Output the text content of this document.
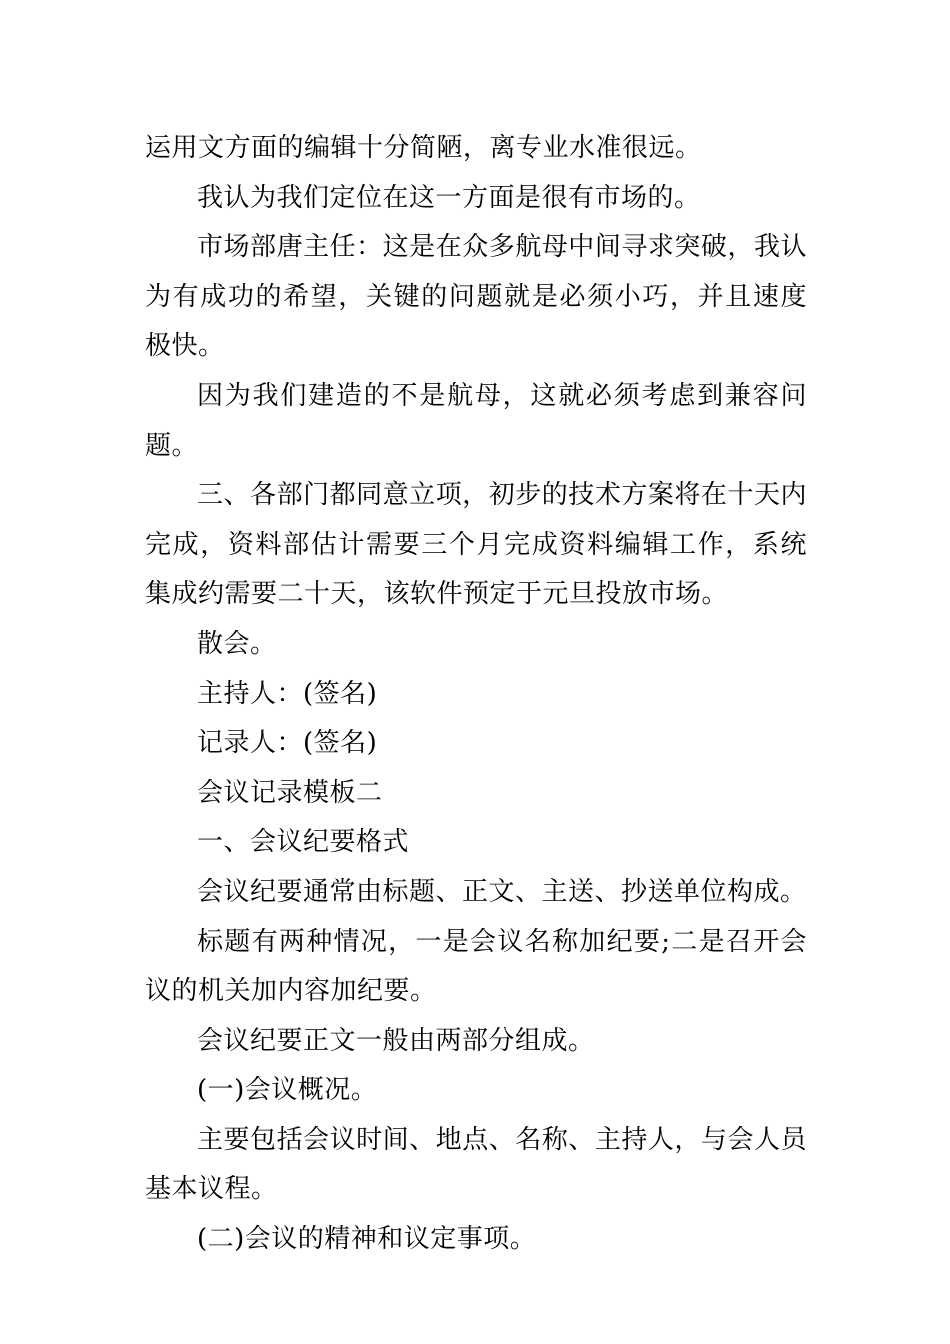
运用文方面的编辑十分简陋，离专业水准很远。

我认为我们定位在这一方面是很有市场的。

市场部唐主任：这是在众多航母中间寻求突破，我认为有成功的希望，关键的问题就是必须小巧，并且速度极快。

因为我们建造的不是航母，这就必须考虑到兼容问题。

三、各部门都同意立项，初步的技术方案将在十天内完成，资料部估计需要三个月完成资料编辑工作，系统集成约需要二十天，该软件预定于元旦投放市场。

散会。

主持人：(签名)

记录人：(签名)

会议记录模板二

一、会议纪要格式

会议纪要通常由标题、正文、主送、抄送单位构成。

标题有两种情况，一是会议名称加纪要;二是召开会议的机关加内容加纪要。

会议纪要正文一般由两部分组成。

(一)会议概况。

主要包括会议时间、地点、名称、主持人，与会人员基本议程。

(二)会议的精神和议定事项。
